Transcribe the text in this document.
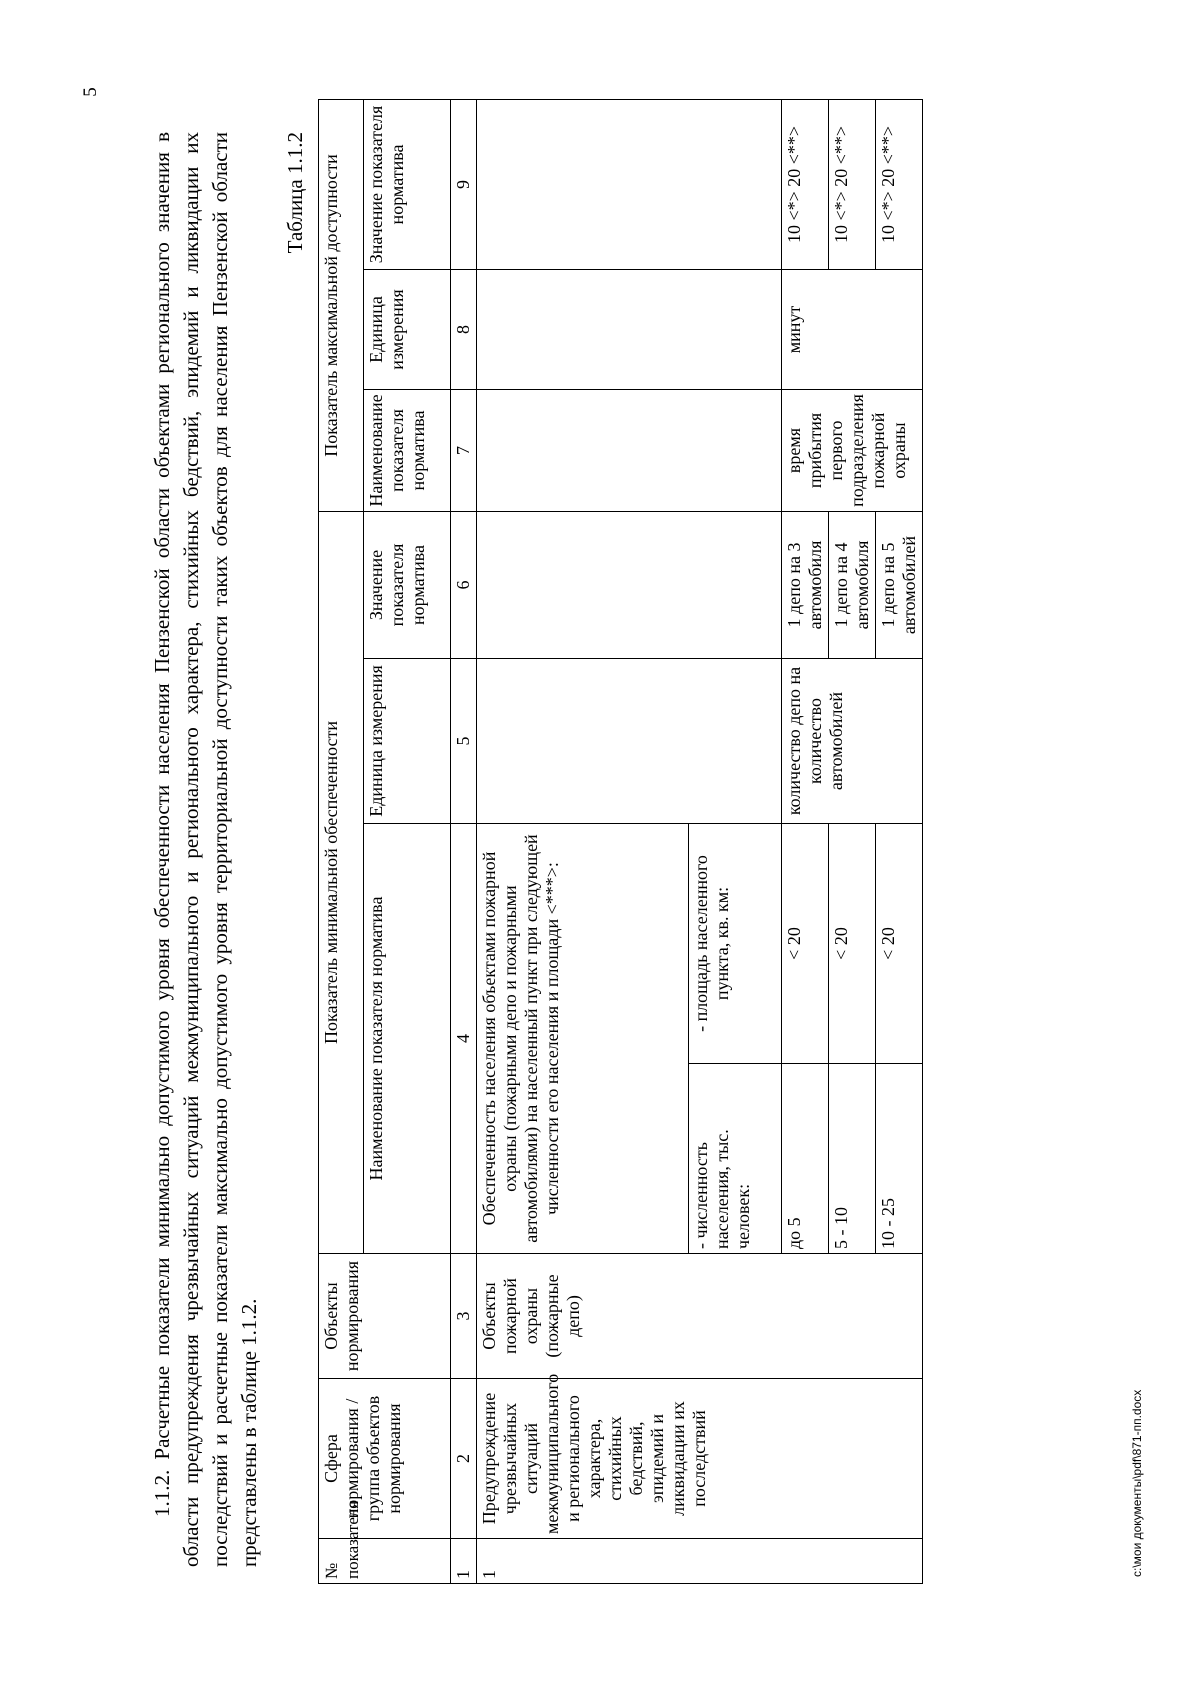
5
1.1.2. Расчетные показатели минимально допустимого уровня обеспеченности населения Пензенской области объектами регионального значения в области предупреждения чрезвычайных ситуаций межмуниципального и регионального характера, стихийных бедствий, эпидемий и ликвидации их последствий и расчетные показатели максимально допустимого уровня территориальной доступности таких объектов для населения Пензенской области представлены в таблице 1.1.2.
Таблица 1.1.2
№ показателя	Сфера нормирования / группа объектов нормирования	Объекты нормирования	Показатель минимальной обеспеченности					Показатель максимальной доступности		
			Наименование показателя норматива			Единица измерения	Значение показателя норматива	Наименование показателя норматива	Единица измерения	Значение показателя норматива
1	2	3	4			5	6	7	8	9
1	Предупреждение чрезвычайных ситуаций межмуниципального и регионального характера, стихийных бедствий, эпидемий и ликвидации их последствий	Объекты пожарной охраны (пожарные депо)	Обеспеченность населения объектами пожарной охраны (пожарными депо и пожарными автомобилями) на населенный пункт при следующей численности его населения и площади <***>:							
			- численность населения, тыс. человек:		- площадь населенного пункта, кв. км:					
			до 5		< 20	количество депо на количество автомобилей	1 депо на 3 автомобиля	время прибытия первого подразделения пожарной охраны	минут	10 <*> 20 <**>
			5 - 10		< 20		1 депо на 4 автомобиля			10 <*> 20 <**>
			10 - 25		< 20		1 депо на 5 автомобилей			10 <*> 20 <**>
c:\мои документы\pdf\871-пп.docx
